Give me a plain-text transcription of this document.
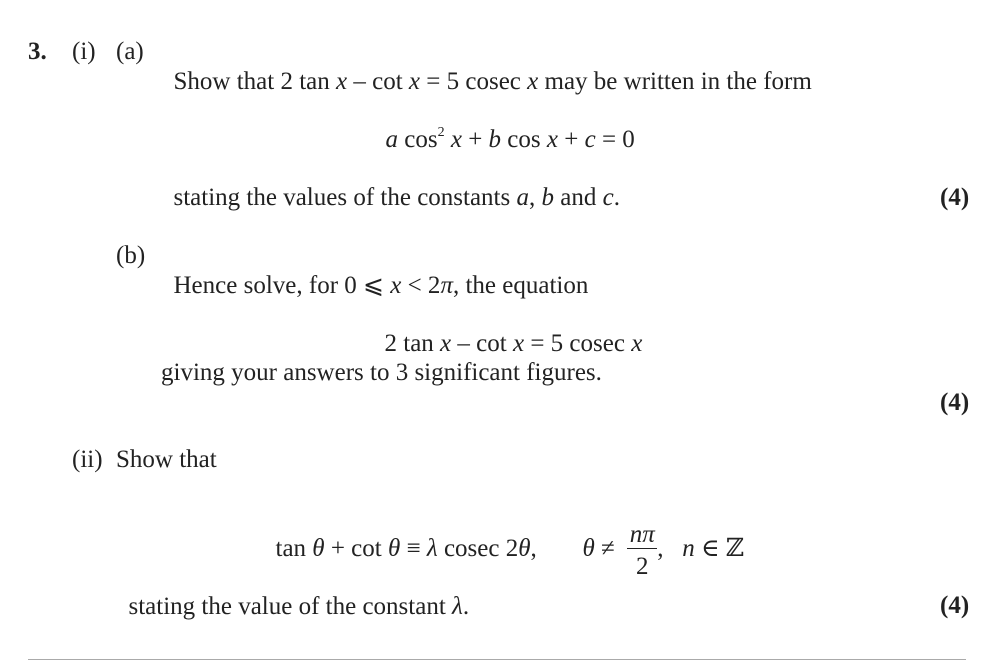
3. (i) (a)

Show that 2 tan x – cot x = 5 cosec x may be written in the form

a $\cos^2 x + b$ cos x + c = 0

stating the values of the constants a, b and c.	(4)
(b)

Hence solve, for 0 ⩽ x < 2π, the equation

2 tan x – cot x = 5 cosec x

giving your answers to 3 significant figures.
(4)
(ii) Show that

tan θ + cot θ ≡ λ cosec 2θ,	θ ≠
$\frac{n\pi}{2}$
, n ∈ ℤ

stating the value of the constant λ.	(4)
